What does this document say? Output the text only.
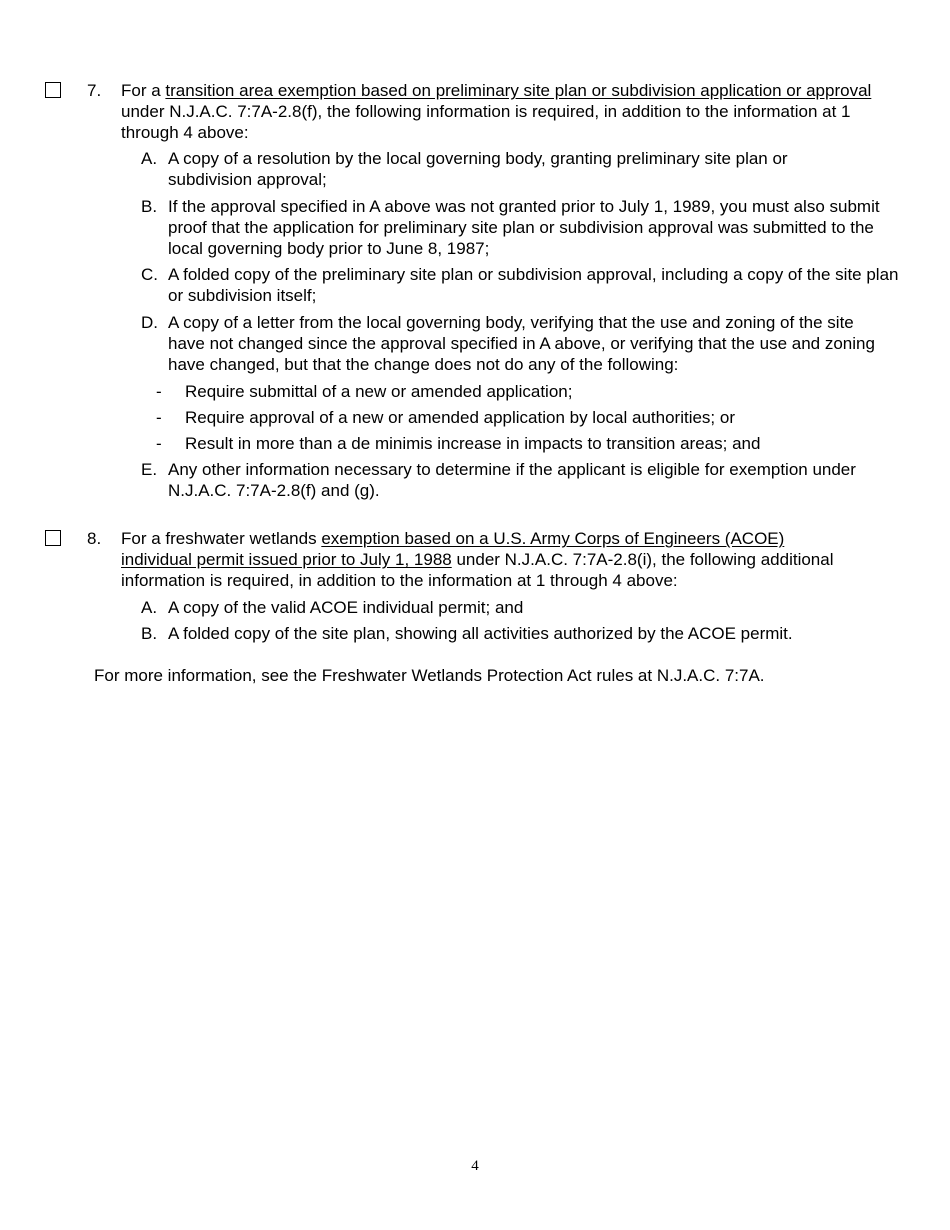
7. For a transition area exemption based on preliminary site plan or subdivision application or approval under N.J.A.C. 7:7A-2.8(f), the following information is required, in addition to the information at 1 through 4 above:
A. A copy of a resolution by the local governing body, granting preliminary site plan or subdivision approval;
B. If the approval specified in A above was not granted prior to July 1, 1989, you must also submit proof that the application for preliminary site plan or subdivision approval was submitted to the local governing body prior to June 8, 1987;
C. A folded copy of the preliminary site plan or subdivision approval, including a copy of the site plan or subdivision itself;
D. A copy of a letter from the local governing body, verifying that the use and zoning of the site have not changed since the approval specified in A above, or verifying that the use and zoning have changed, but that the change does not do any of the following:
- Require submittal of a new or amended application;
- Require approval of a new or amended application by local authorities; or
- Result in more than a de minimis increase in impacts to transition areas; and
E. Any other information necessary to determine if the applicant is eligible for exemption under N.J.A.C. 7:7A-2.8(f) and (g).
8. For a freshwater wetlands exemption based on a U.S. Army Corps of Engineers (ACOE) individual permit issued prior to July 1, 1988 under N.J.A.C. 7:7A-2.8(i), the following additional information is required, in addition to the information at 1 through 4 above:
A. A copy of the valid ACOE individual permit; and
B. A folded copy of the site plan, showing all activities authorized by the ACOE permit.
For more information, see the Freshwater Wetlands Protection Act rules at N.J.A.C. 7:7A.
4
